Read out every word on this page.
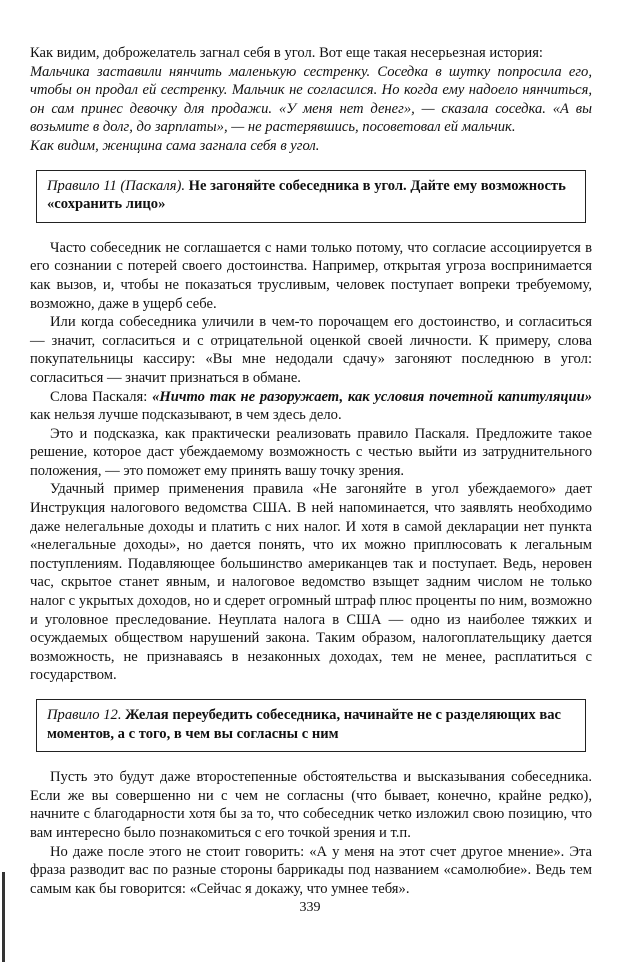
Как видим, доброжелатель загнал себя в угол. Вот еще такая несерьезная история:

Мальчика заставили нянчить маленькую сестренку. Соседка в шутку попросила его, чтобы он продал ей сестренку. Мальчик не согласился. Но когда ему надоело нянчиться, он сам принес девочку для продажи. «У меня нет денег», — сказала соседка. «А вы возьмите в долг, до зарплаты», — не растерявшись, посоветовал ей мальчик.

Как видим, женщина сама загнала себя в угол.

Правило 11 (Паскаля). Не загоняйте собеседника в угол. Дайте ему возможность «сохранить лицо»

Часто собеседник не соглашается с нами только потому, что согласие ассоциируется в его сознании с потерей своего достоинства. Например, открытая угроза воспринимается как вызов, и, чтобы не показаться трусливым, человек поступает вопреки требуемому, возможно, даже в ущерб себе.

Или когда собеседника уличили в чем-то порочащем его достоинство, и согласиться — значит, согласиться и с отрицательной оценкой своей личности. К примеру, слова покупательницы кассиру: «Вы мне недодали сдачу» загоняют последнюю в угол: согласиться — значит признаться в обмане.

Слова Паскаля: «Ничто так не разоружает, как условия почетной капитуляции» как нельзя лучше подсказывают, в чем здесь дело.

Это и подсказка, как практически реализовать правило Паскаля. Предложите такое решение, которое даст убеждаемому возможность с честью выйти из затруднительного положения, — это поможет ему принять вашу точку зрения.

Удачный пример применения правила «Не загоняйте в угол убеждаемого» дает Инструкция налогового ведомства США. В ней напоминается, что заявлять необходимо даже нелегальные доходы и платить с них налог. И хотя в самой декларации нет пункта «нелегальные доходы», но дается понять, что их можно приплюсовать к легальным поступлениям. Подавляющее большинство американцев так и поступает. Ведь, неровен час, скрытое станет явным, и налоговое ведомство взыщет задним числом не только налог с укрытых доходов, но и сдерет огромный штраф плюс проценты по ним, возможно и уголовное преследование. Неуплата налога в США — одно из наиболее тяжких и осуждаемых обществом нарушений закона. Таким образом, налогоплательщику дается возможность, не признаваясь в незаконных доходах, тем не менее, расплатиться с государством.

Правило 12. Желая переубедить собеседника, начинайте не с разделяющих вас моментов, а с того, в чем вы согласны с ним

Пусть это будут даже второстепенные обстоятельства и высказывания собеседника. Если же вы совершенно ни с чем не согласны (что бывает, конечно, крайне редко), начните с благодарности хотя бы за то, что собеседник четко изложил свою позицию, что вам интересно было познакомиться с его точкой зрения и т.п.

Но даже после этого не стоит говорить: «А у меня на этот счет другое мнение». Эта фраза разводит вас по разные стороны баррикады под названием «самолюбие». Ведь тем самым как бы говорится: «Сейчас я докажу, что умнее тебя».

339
